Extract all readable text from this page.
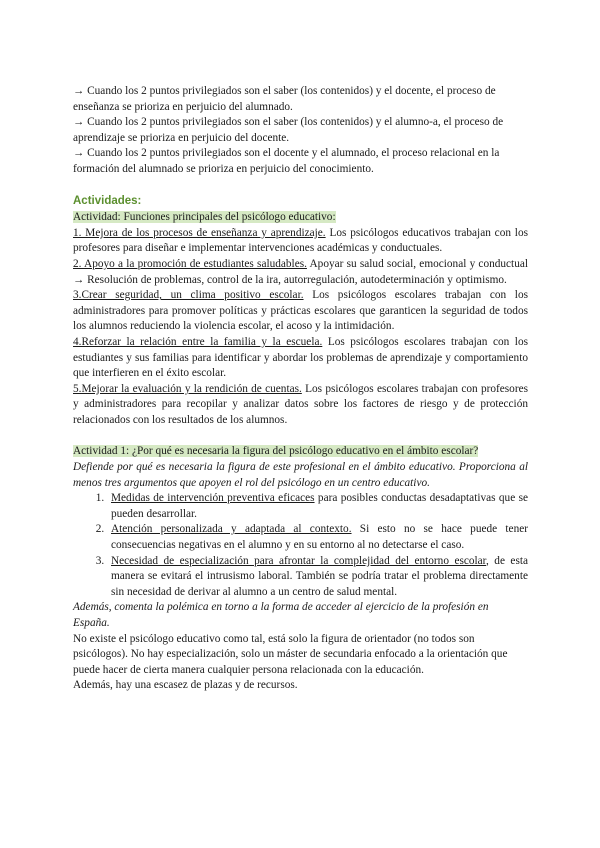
→ Cuando los 2 puntos privilegiados son el saber (los contenidos) y el docente, el proceso de enseñanza se prioriza en perjuicio del alumnado.

→ Cuando los 2 puntos privilegiados son el saber (los contenidos) y el alumno-a, el proceso de aprendizaje se prioriza en perjuicio del docente.

→ Cuando los 2 puntos privilegiados son el docente y el alumnado, el proceso relacional en la formación del alumnado se prioriza en perjuicio del conocimiento.

Actividades:

Actividad: Funciones principales del psicólogo educativo:

1. Mejora de los procesos de enseñanza y aprendizaje. Los psicólogos educativos trabajan con los profesores para diseñar e implementar intervenciones académicas y conductuales.

2. Apoyo a la promoción de estudiantes saludables. Apoyar su salud social, emocional y conductual → Resolución de problemas, control de la ira, autorregulación, autodeterminación y optimismo.

3.Crear seguridad, un clima positivo escolar. Los psicólogos escolares trabajan con los administradores para promover políticas y prácticas escolares que garanticen la seguridad de todos los alumnos reduciendo la violencia escolar, el acoso y la intimidación.

4.Reforzar la relación entre la familia y la escuela. Los psicólogos escolares trabajan con los estudiantes y sus familias para identificar y abordar los problemas de aprendizaje y comportamiento que interfieren en el éxito escolar.

5.Mejorar la evaluación y la rendición de cuentas. Los psicólogos escolares trabajan con profesores y administradores para recopilar y analizar datos sobre los factores de riesgo y de protección relacionados con los resultados de los alumnos.

Actividad 1: ¿Por qué es necesaria la figura del psicólogo educativo en el ámbito escolar?

Defiende por qué es necesaria la figura de este profesional en el ámbito educativo. Proporciona al menos tres argumentos que apoyen el rol del psicólogo en un centro educativo.

1. Medidas de intervención preventiva eficaces para posibles conductas desadaptativas que se pueden desarrollar.
2. Atención personalizada y adaptada al contexto. Si esto no se hace puede tener consecuencias negativas en el alumno y en su entorno al no detectarse el caso.
3. Necesidad de especialización para afrontar la complejidad del entorno escolar, de esta manera se evitará el intrusismo laboral. También se podría tratar el problema directamente sin necesidad de derivar al alumno a un centro de salud mental.

Además, comenta la polémica en torno a la forma de acceder al ejercicio de la profesión en España.

No existe el psicólogo educativo como tal, está solo la figura de orientador (no todos son psicólogos). No hay especialización, solo un máster de secundaria enfocado a la orientación que puede hacer de cierta manera cualquier persona relacionada con la educación.

Además, hay una escasez de plazas y de recursos.
